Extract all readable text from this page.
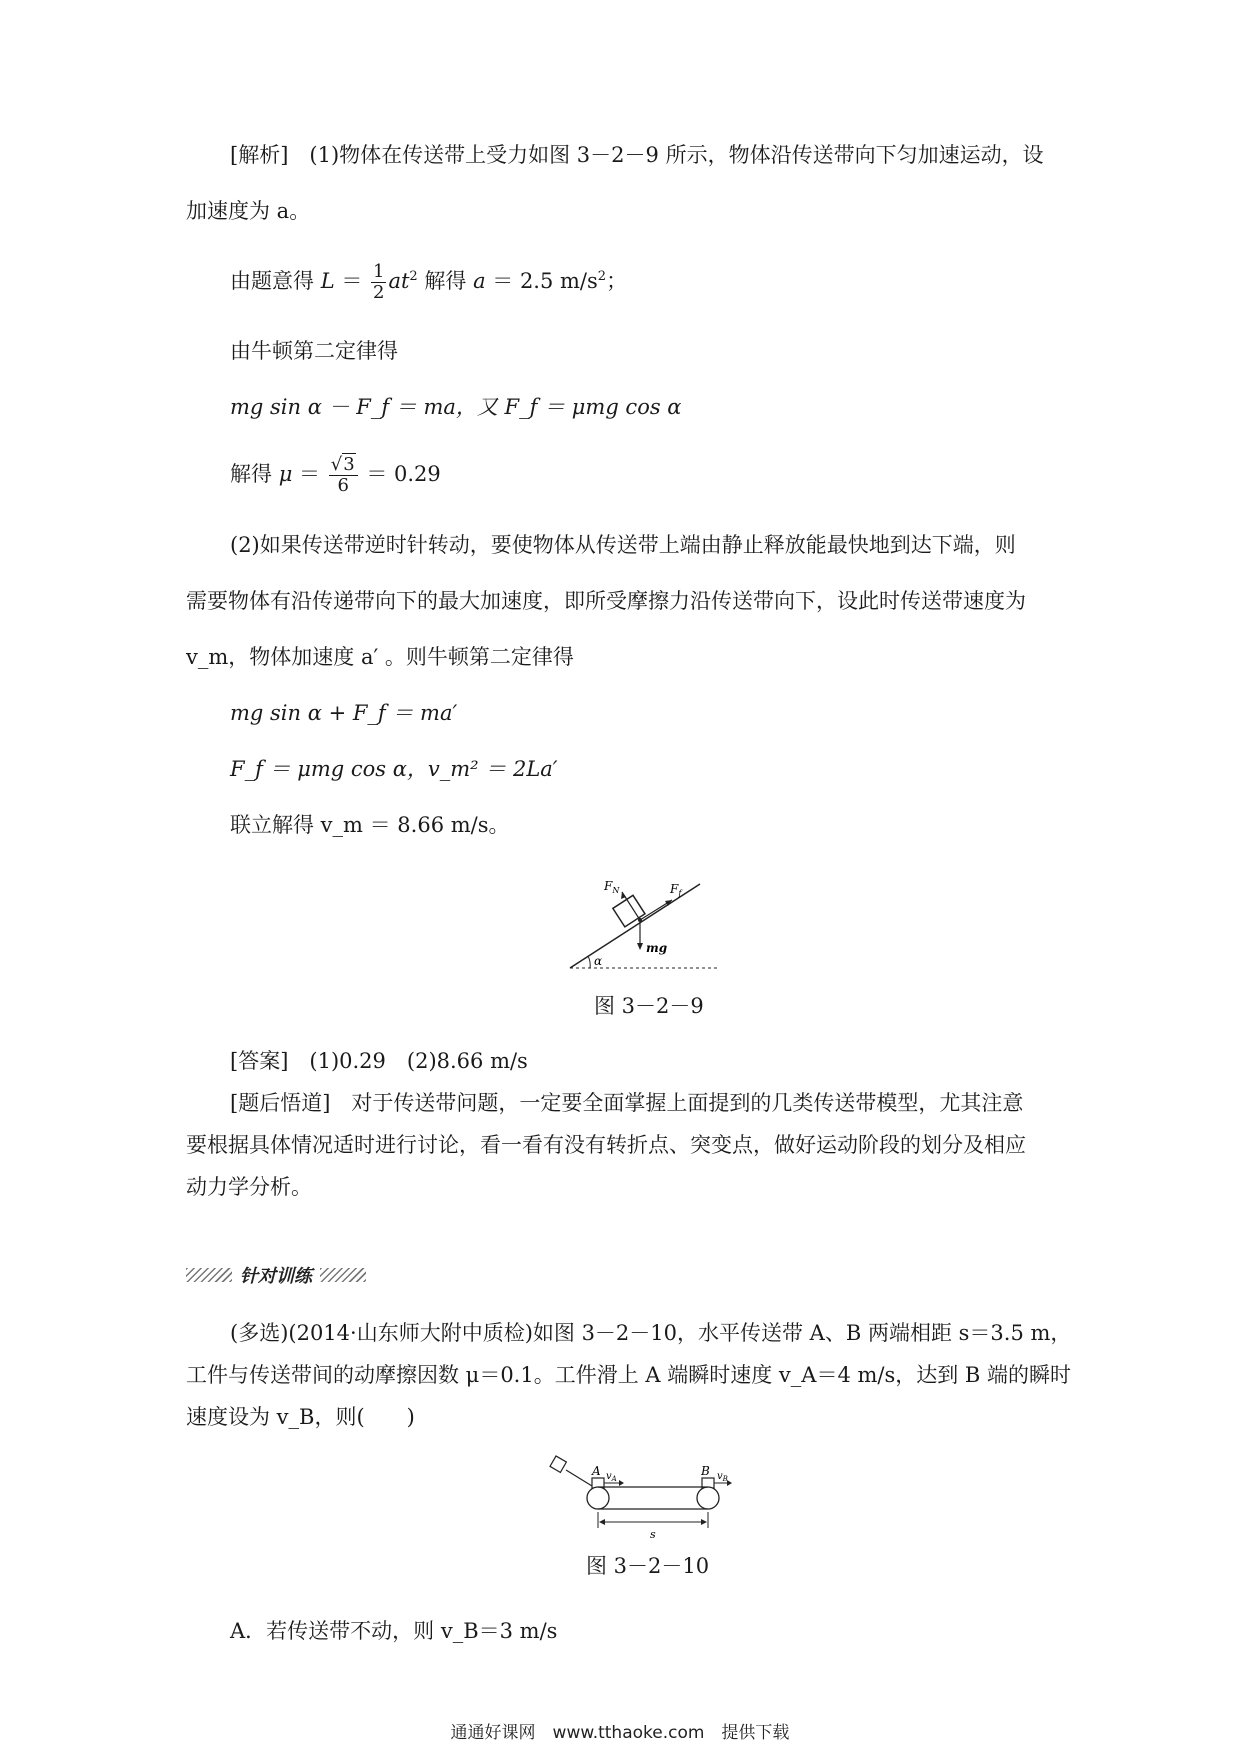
[解析]　(1)物体在传送带上受力如图 3－2－9 所示，物体沿传送带向下匀加速运动，设
加速度为 a。
由题意得 $L = \frac{1}{2} at^2$ 解得 a ＝ 2.5 $m/s^2$；
由牛顿第二定律得
mg sin α － F_f ＝ ma，又 F_f ＝ μmg cos α
解得 $\mu = \frac{√3}{6} = 0.29$
(2)如果传送带逆时针转动，要使物体从传送带上端由静止释放能最快地到达下端，则
需要物体有沿传递带向下的最大加速度，即所受摩擦力沿传送带向下，设此时传送带速度为
v_m，物体加速度 a′ 。则牛顿第二定律得
mg sin α + F_f ＝ ma′
F_f ＝ μmg cos α，v_m² ＝ 2La′
联立解得 v_m ＝ 8.66 m/s。
α
$F_N$	$F_f$
mg
图 3－2－9
[答案]　(1)0.29　(2)8.66 m/s
[题后悟道]　对于传送带问题，一定要全面掌握上面提到的几类传送带模型，尤其注意
要根据具体情况适时进行讨论，看一看有没有转折点、突变点，做好运动阶段的划分及相应
动力学分析。
针对训练
(多选)(2014·山东师大附中质检)如图 3－2－10，水平传送带 A、B 两端相距 s＝3.5 m，
工件与传送带间的动摩擦因数 μ＝0.1。工件滑上 A 端瞬时速度 v_A＝4 m/s，达到 B 端的瞬时
速度设为 v_B，则(　　)
A	B
$v_A$	$v_B$
s
图 3－2－10
A．若传送带不动，则 v_B＝3 m/s
通通好课网　www.tthaoke.com　提供下载
